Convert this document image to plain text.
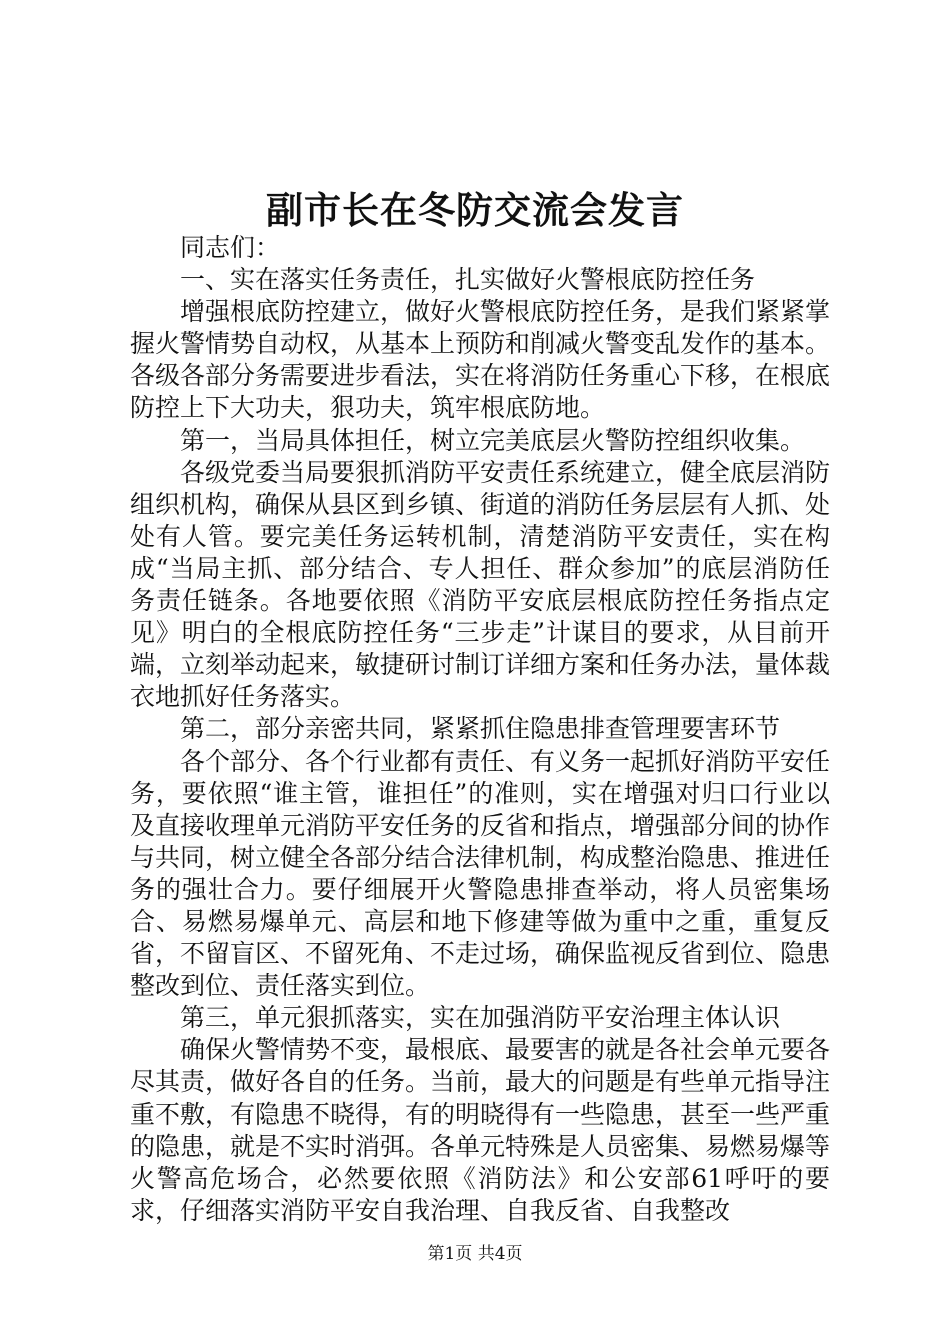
副市长在冬防交流会发言

同志们：

一、实在落实任务责任，扎实做好火警根底防控任务

增强根底防控建立，做好火警根底防控任务，是我们紧紧掌握火警情势自动权，从基本上预防和削减火警变乱发作的基本。各级各部分务需要进步看法，实在将消防任务重心下移，在根底防控上下大功夫，狠功夫，筑牢根底防地。

第一，当局具体担任，树立完美底层火警防控组织收集。

各级党委当局要狠抓消防平安责任系统建立，健全底层消防组织机构，确保从县区到乡镇、街道的消防任务层层有人抓、处处有人管。要完美任务运转机制，清楚消防平安责任，实在构成“当局主抓、部分结合、专人担任、群众参加”的底层消防任务责任链条。各地要依照《消防平安底层根底防控任务指点定见》明白的全根底防控任务“三步走”计谋目的要求，从目前开端，立刻举动起来，敏捷研讨制订详细方案和任务办法，量体裁衣地抓好任务落实。

第二，部分亲密共同，紧紧抓住隐患排查管理要害环节

各个部分、各个行业都有责任、有义务一起抓好消防平安任务，要依照“谁主管，谁担任”的准则，实在增强对归口行业以及直接收理单元消防平安任务的反省和指点，增强部分间的协作与共同，树立健全各部分结合法律机制，构成整治隐患、推进任务的强壮合力。要仔细展开火警隐患排查举动，将人员密集场合、易燃易爆单元、高层和地下修建等做为重中之重，重复反省，不留盲区、不留死角、不走过场，确保监视反省到位、隐患整改到位、责任落实到位。

第三，单元狠抓落实，实在加强消防平安治理主体认识

确保火警情势不变，最根底、最要害的就是各社会单元要各尽其责，做好各自的任务。当前，最大的问题是有些单元指导注重不敷，有隐患不晓得，有的明晓得有一些隐患，甚至一些严重的隐患，就是不实时消弭。各单元特殊是人员密集、易燃易爆等火警高危场合，必然要依照《消防法》和公安部61呼吁的要求，仔细落实消防平安自我治理、自我反省、自我整改

第1页 共4页
